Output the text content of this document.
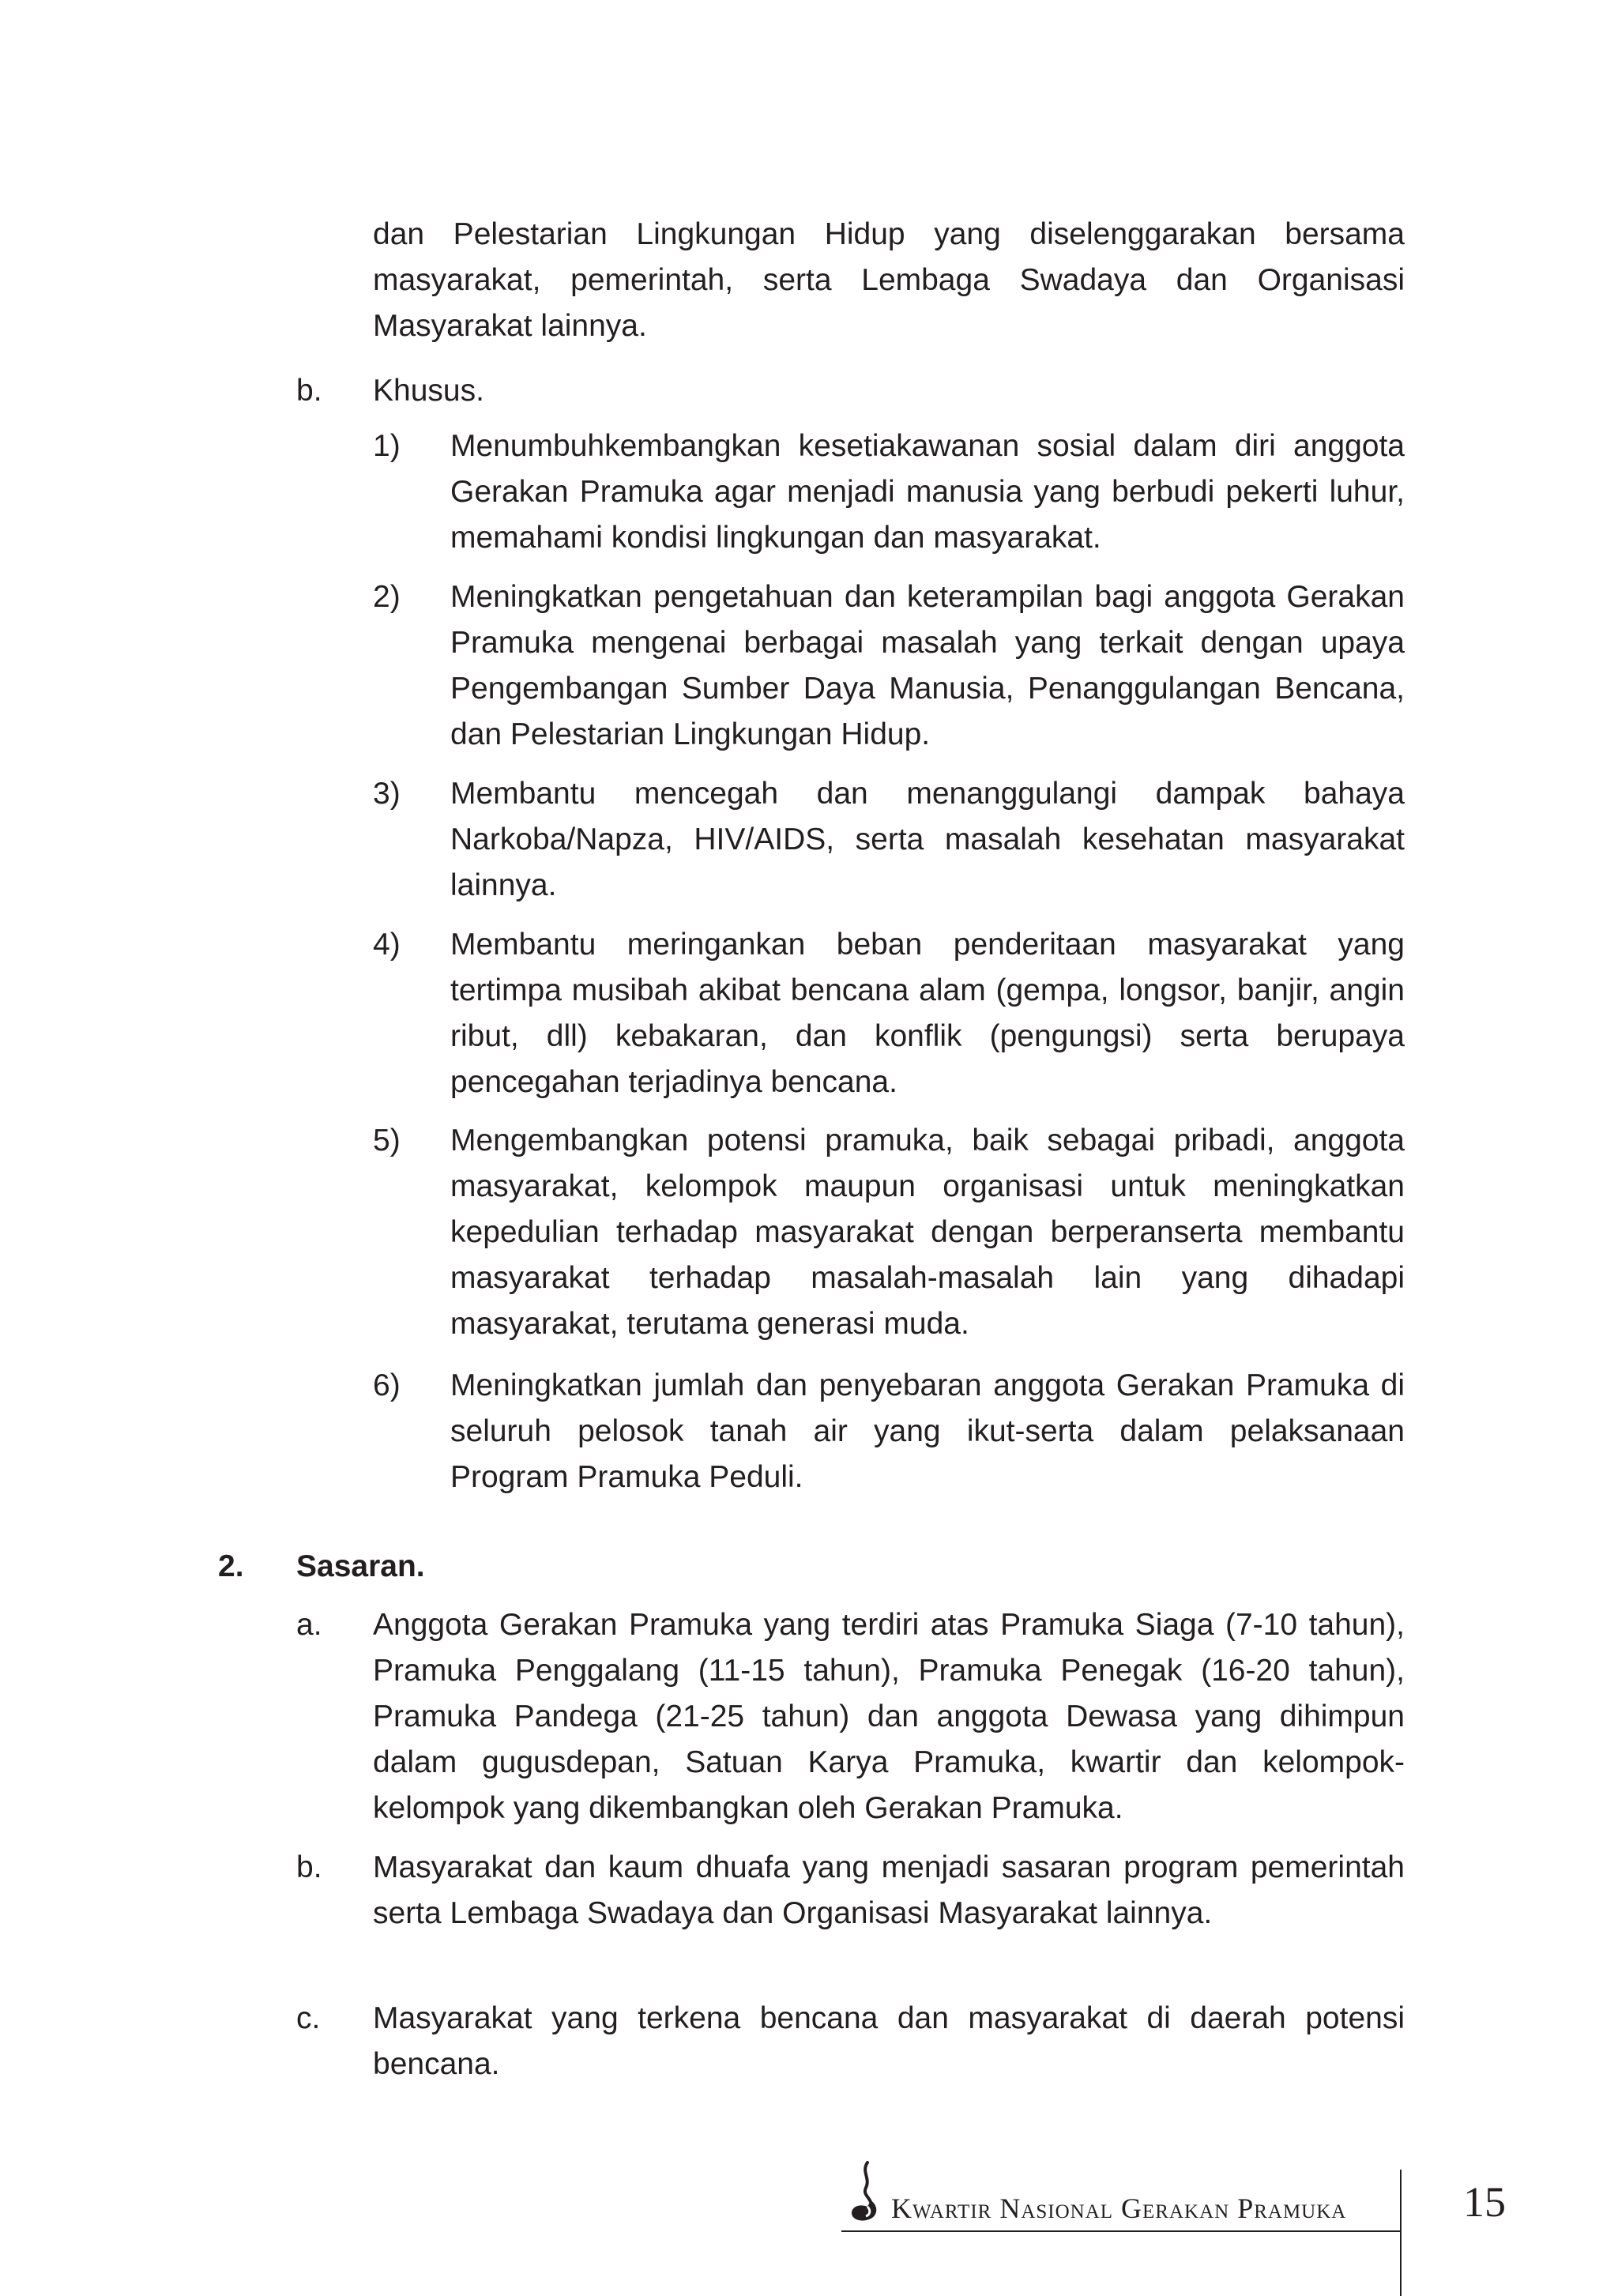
dan Pelestarian Lingkungan Hidup yang diselenggarakan bersama masyarakat, pemerintah, serta Lembaga Swadaya dan Organisasi Masyarakat lainnya.

b. Khusus.
1) Menumbuhkembangkan kesetiakawanan sosial dalam diri anggota Gerakan Pramuka agar menjadi manusia yang berbudi pekerti luhur, memahami kondisi lingkungan dan masyarakat.

2) Meningkatkan pengetahuan dan keterampilan bagi anggota Gerakan Pramuka mengenai berbagai masalah yang terkait dengan upaya Pengembangan Sumber Daya Manusia, Penanggulangan Bencana, dan Pelestarian Lingkungan Hidup.

3) Membantu mencegah dan menanggulangi dampak bahaya Narkoba/Napza, HIV/AIDS, serta masalah kesehatan masyarakat lainnya.

4) Membantu meringankan beban penderitaan masyarakat yang tertimpa musibah akibat bencana alam (gempa, longsor, banjir, angin ribut, dll) kebakaran, dan konflik (pengungsi) serta berupaya pencegahan terjadinya bencana.

5) Mengembangkan potensi pramuka, baik sebagai pribadi, anggota masyarakat, kelompok maupun organisasi untuk meningkatkan kepedulian terhadap masyarakat dengan berperanserta membantu masyarakat terhadap masalah-masalah lain yang dihadapi masyarakat, terutama generasi muda.

6) Meningkatkan jumlah dan penyebaran anggota Gerakan Pramuka di seluruh pelosok tanah air yang ikut-serta dalam pelaksanaan Program Pramuka Peduli.

2. Sasaran.
a. Anggota Gerakan Pramuka yang terdiri atas Pramuka Siaga (7-10 tahun), Pramuka Penggalang (11-15 tahun), Pramuka Penegak (16-20 tahun), Pramuka Pandega (21-25 tahun) dan anggota Dewasa yang dihimpun dalam gugusdepan, Satuan Karya Pramuka, kwartir dan kelompok-kelompok yang dikembangkan oleh Gerakan Pramuka.

b. Masyarakat dan kaum dhuafa yang menjadi sasaran program pemerintah serta Lembaga Swadaya dan Organisasi Masyarakat lainnya.

c. Masyarakat yang terkena bencana dan masyarakat di daerah potensi bencana.

Kwartir Nasional Gerakan Pramuka	15
